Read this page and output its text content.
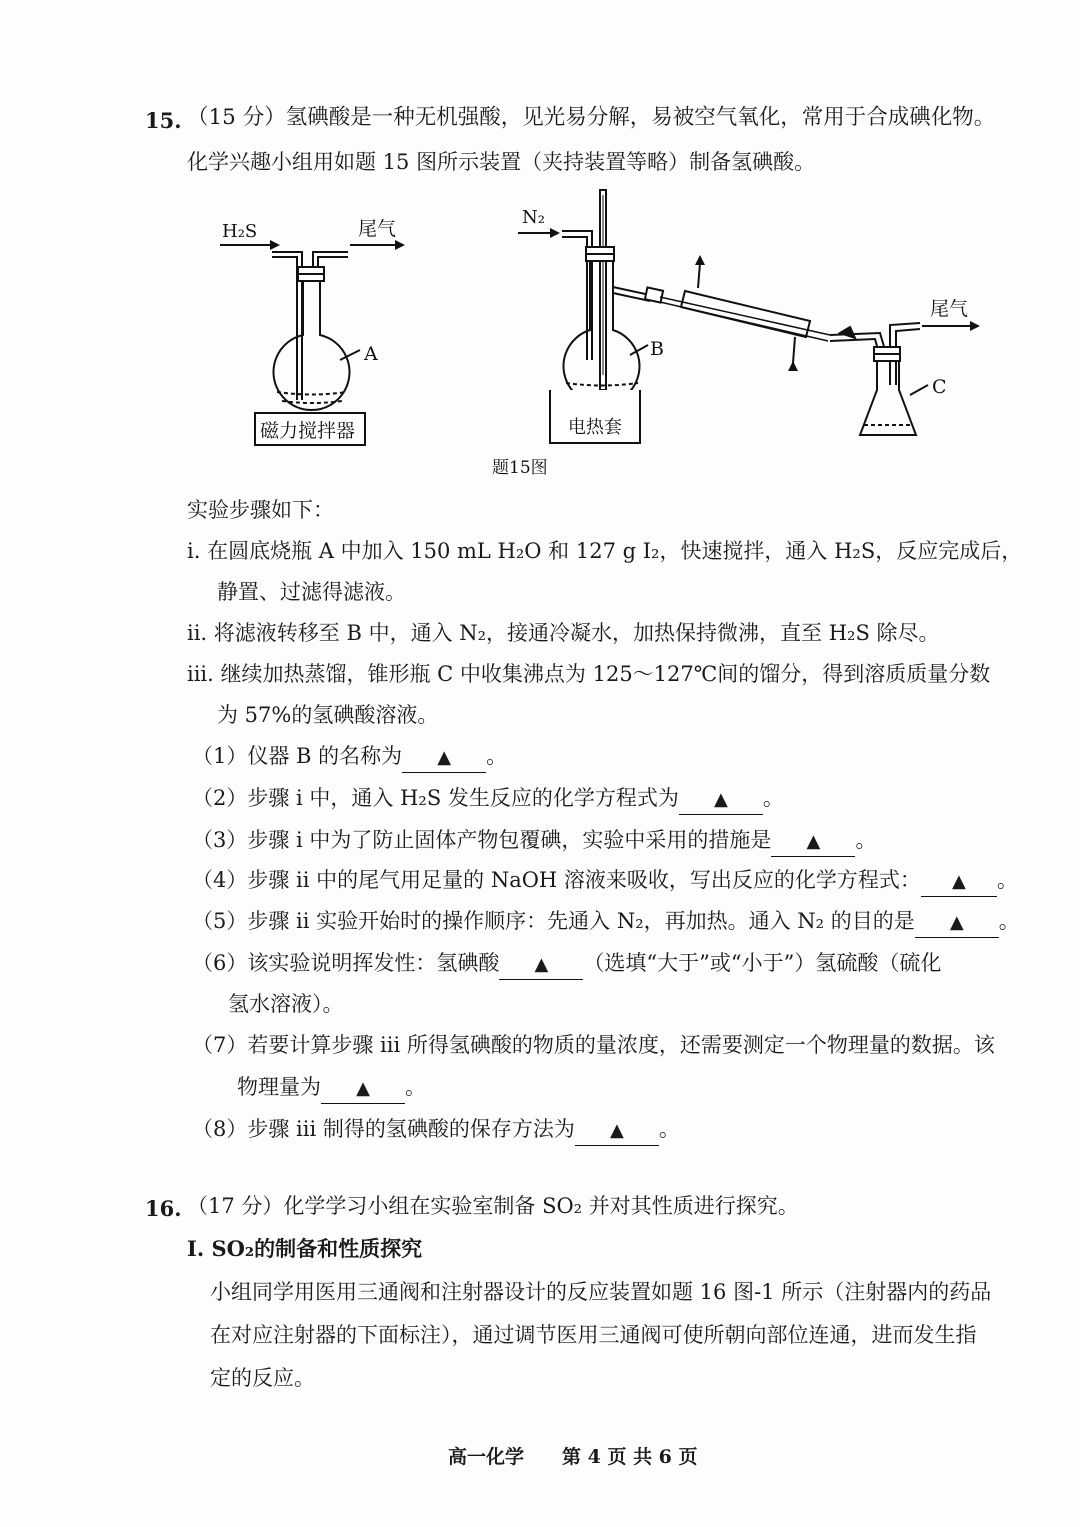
15. （15 分）氢碘酸是一种无机强酸，见光易分解，易被空气氧化，常用于合成碘化物。
化学兴趣小组用如题 15 图所示装置（夹持装置等略）制备氢碘酸。
H₂S	尾气
A
磁力搅拌器
N₂
B
电热套
尾气
C
题15图
实验步骤如下：
i. 在圆底烧瓶 A 中加入 150 mL H₂O 和 127 g I₂，快速搅拌，通入 H₂S，反应完成后，
静置、过滤得滤液。
ii. 将滤液转移至 B 中，通入 N₂，接通冷凝水，加热保持微沸，直至 H₂S 除尽。
iii. 继续加热蒸馏，锥形瓶 C 中收集沸点为 125～127℃间的馏分，得到溶质质量分数
为 57%的氢碘酸溶液。
（1）仪器 B 的名称为 ▲ 。
（2）步骤 i 中，通入 H₂S 发生反应的化学方程式为 ▲ 。
（3）步骤 i 中为了防止固体产物包覆碘，实验中采用的措施是 ▲ 。
（4）步骤 ii 中的尾气用足量的 NaOH 溶液来吸收，写出反应的化学方程式： ▲ 。
（5）步骤 ii 实验开始时的操作顺序：先通入 N₂，再加热。通入 N₂ 的目的是 ▲ 。
（6）该实验说明挥发性：氢碘酸 ▲ （选填“大于”或“小于”）氢硫酸（硫化
氢水溶液）。
（7）若要计算步骤 iii 所得氢碘酸的物质的量浓度，还需要测定一个物理量的数据。该
物理量为 ▲ 。
（8）步骤 iii 制得的氢碘酸的保存方法为 ▲ 。
16. （17 分）化学学习小组在实验室制备 SO₂ 并对其性质进行探究。
I. SO₂的制备和性质探究
小组同学用医用三通阀和注射器设计的反应装置如题 16 图-1 所示（注射器内的药品
在对应注射器的下面标注），通过调节医用三通阀可使所朝向部位连通，进而发生指
定的反应。
高一化学 第 4 页 共 6 页
